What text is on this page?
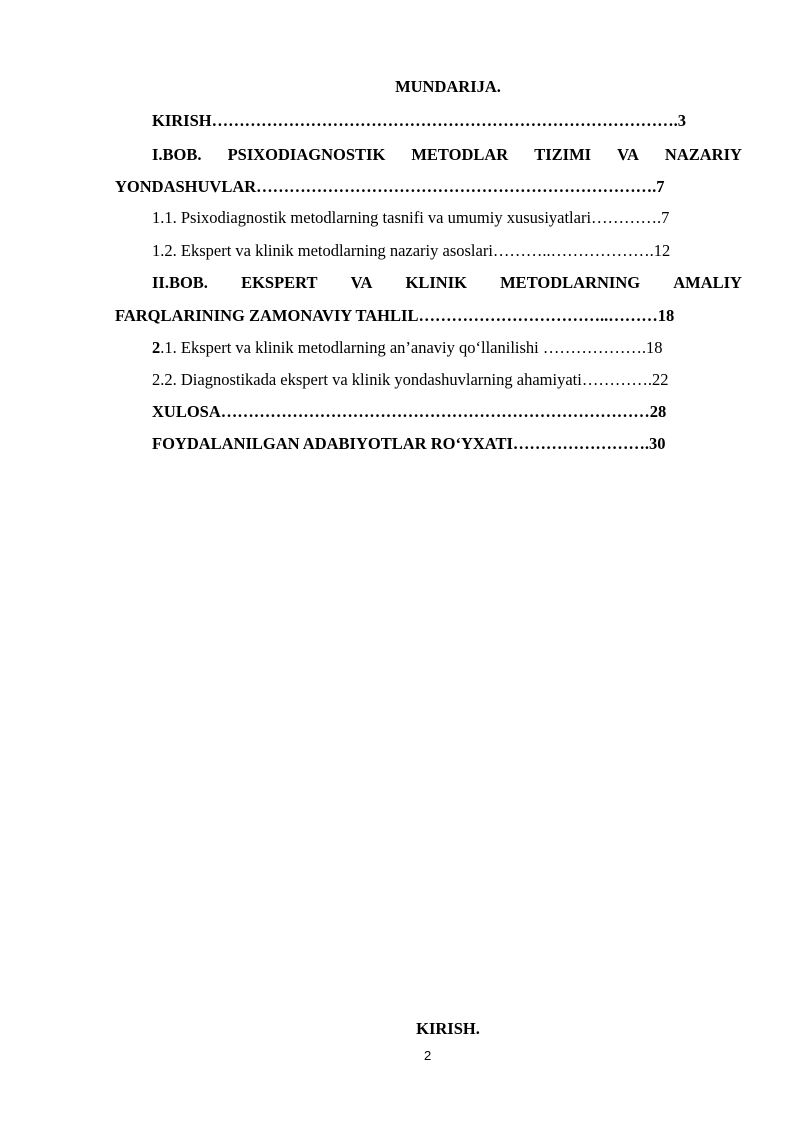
MUNDARIJA.
KIRISH………………………………………………………………………….3
I.BOB. PSIXODIAGNOSTIK METODLAR TIZIMI VA NAZARIY
YONDASHUVLAR……………………………………………………………….7
1.1. Psixodiagnostik metodlarning tasnifi va umumiy xususiyatlari………….7
1.2. Ekspert va klinik metodlarning nazariy asoslari………..……………….12
II.BOB. EKSPERT VA KLINIK METODLARNING AMALIY
FARQLARINING ZAMONAVIY TAHLIL……………………………..………18
2.1. Ekspert va klinik metodlarning an’anaviy qo‘llanilishi ……………….18
2.2. Diagnostikada ekspert va klinik yondashuvlarning ahamiyati………….22
XULOSA……………………………………………………………………28
FOYDALANILGAN ADABIYOTLAR RO‘YXATI…………………….30
KIRISH.
2
